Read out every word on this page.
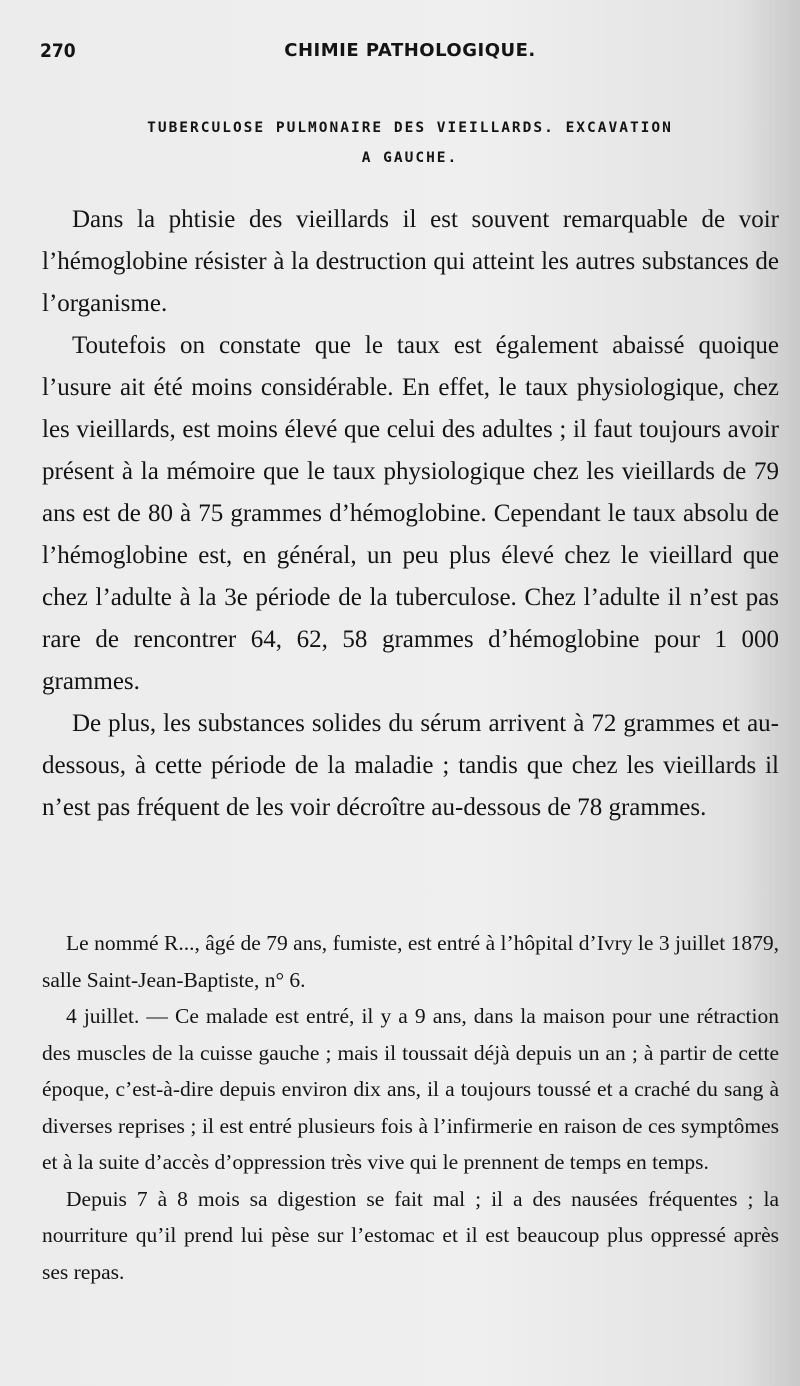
270	CHIMIE PATHOLOGIQUE.
TUBERCULOSE PULMONAIRE DES VIEILLARDS. EXCAVATION
A GAUCHE.

Dans la phtisie des vieillards il est souvent remarquable de voir l’hémoglobine résister à la destruction qui atteint les autres substances de l’organisme.

Toutefois on constate que le taux est également abaissé quoique l’usure ait été moins considérable. En effet, le taux physiologique, chez les vieillards, est moins élevé que celui des adultes ; il faut toujours avoir présent à la mémoire que le taux physiologique chez les vieillards de 79 ans est de 80 à 75 grammes d’hémoglobine. Cependant le taux absolu de l’hémoglobine est, en général, un peu plus élevé chez le vieillard que chez l’adulte à la 3e période de la tuberculose. Chez l’adulte il n’est pas rare de rencontrer 64, 62, 58 grammes d’hémoglobine pour 1 000 grammes.

De plus, les substances solides du sérum arrivent à 72 grammes et au-dessous, à cette période de la maladie ; tandis que chez les vieillards il n’est pas fréquent de les voir décroître au-dessous de 78 grammes.

Le nommé R..., âgé de 79 ans, fumiste, est entré à l’hôpital d’Ivry le 3 juillet 1879, salle Saint-Jean-Baptiste, n° 6.

4 juillet. — Ce malade est entré, il y a 9 ans, dans la maison pour une rétraction des muscles de la cuisse gauche ; mais il toussait déjà depuis un an ; à partir de cette époque, c’est-à-dire depuis environ dix ans, il a toujours toussé et a craché du sang à diverses reprises ; il est entré plusieurs fois à l’infirmerie en raison de ces symptômes et à la suite d’accès d’oppression très vive qui le prennent de temps en temps.

Depuis 7 à 8 mois sa digestion se fait mal ; il a des nausées fréquentes ; la nourriture qu’il prend lui pèse sur l’estomac et il est beaucoup plus oppressé après ses repas.
